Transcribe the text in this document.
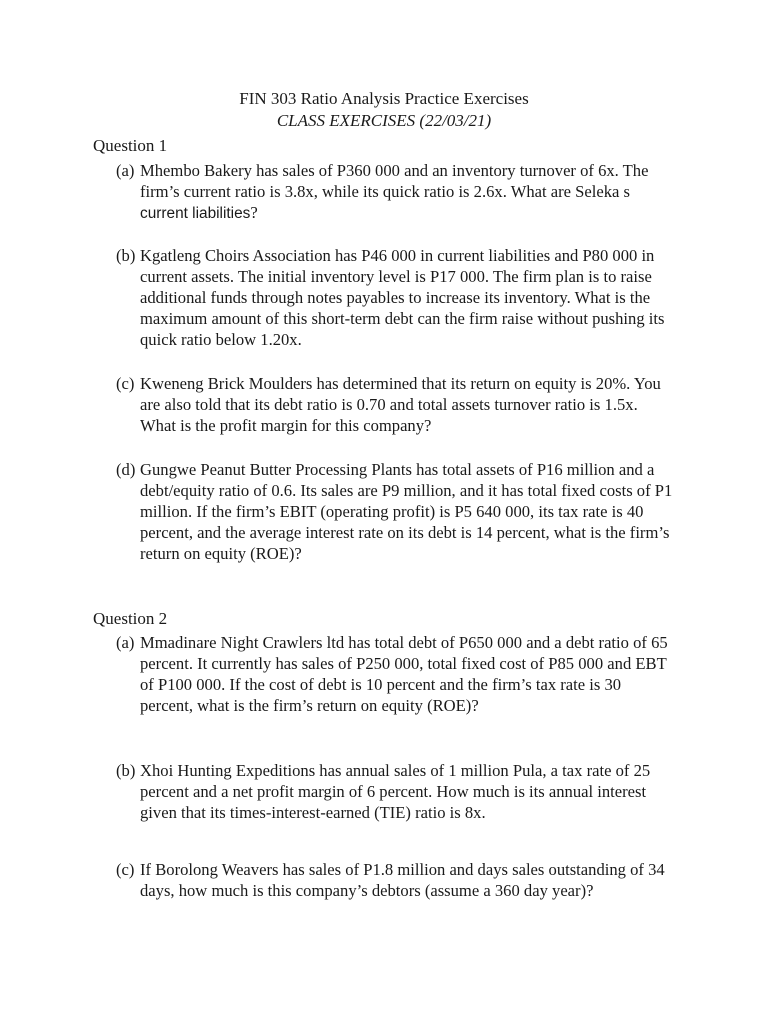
FIN 303 Ratio Analysis Practice Exercises
CLASS EXERCISES (22/03/21)
Question 1
(a) Mhembo Bakery has sales of P360 000 and an inventory turnover of 6x. The firm’s current ratio is 3.8x, while its quick ratio is 2.6x. What are Seleka s current liabilities?
(b) Kgatleng Choirs Association has P46 000 in current liabilities and P80 000 in current assets. The initial inventory level is P17 000. The firm plan is to raise additional funds through notes payables to increase its inventory. What is the maximum amount of this short-term debt can the firm raise without pushing its quick ratio below 1.20x.
(c) Kweneng Brick Moulders has determined that its return on equity is 20%. You are also told that its debt ratio is 0.70 and total assets turnover ratio is 1.5x. What is the profit margin for this company?
(d) Gungwe Peanut Butter Processing Plants has total assets of P16 million and a debt/equity ratio of 0.6. Its sales are P9 million, and it has total fixed costs of P1 million. If the firm’s EBIT (operating profit) is P5 640 000, its tax rate is 40 percent, and the average interest rate on its debt is 14 percent, what is the firm’s return on equity (ROE)?
Question 2
(a) Mmadinare Night Crawlers ltd has total debt of P650 000 and a debt ratio of 65 percent. It currently has sales of P250 000, total fixed cost of P85 000 and EBT of P100 000. If the cost of debt is 10 percent and the firm’s tax rate is 30 percent, what is the firm’s return on equity (ROE)?
(b) Xhoi Hunting Expeditions has annual sales of 1 million Pula, a tax rate of 25 percent and a net profit margin of 6 percent. How much is its annual interest given that its times-interest-earned (TIE) ratio is 8x.
(c) If Borolong Weavers has sales of P1.8 million and days sales outstanding of 34 days, how much is this company’s debtors (assume a 360 day year)?
